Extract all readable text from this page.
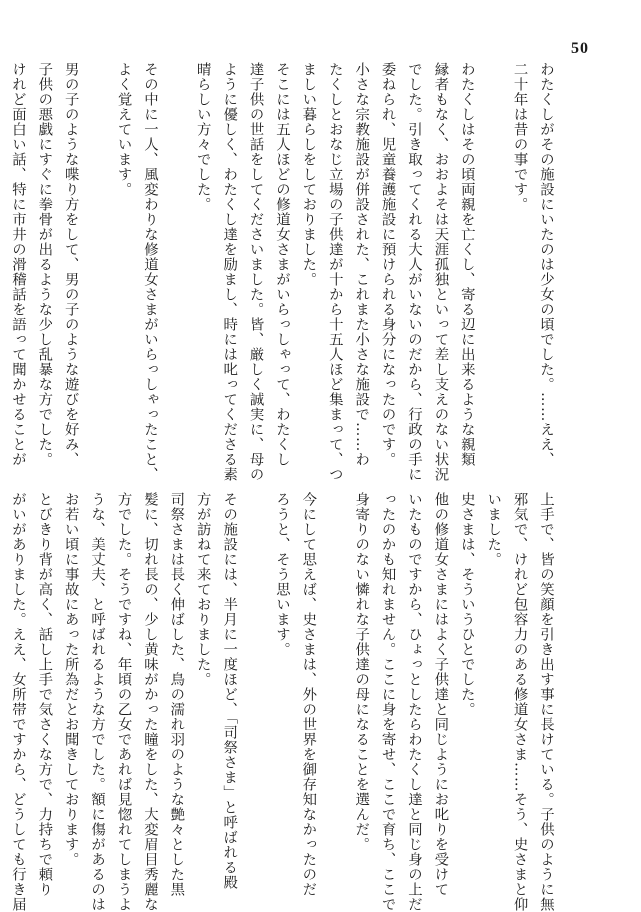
50
わたくしがその施設にいたのは少女の頃でした。……ええ、
二十年は昔の事です。
わたくしはその頃両親を亡くし、寄る辺に出来るような親類
縁者もなく、おおよそは天涯孤独といって差し支えのない状況
でした。引き取ってくれる大人がいないのだから、行政の手に
委ねられ、児童養護施設に預けられる身分になったのです。
小さな宗教施設が併設された、これまた小さな施設で……わ
たくしとおなじ立場の子供達が十から十五人ほど集まって、つ
ましい暮らしをしておりました。
そこには五人ほどの修道女さまがいらっしゃって、わたくし
達子供の世話をしてくださいました。皆、厳しく誠実に、母の
ように優しく、わたくし達を励まし、時には叱ってくださる素
晴らしい方々でした。
その中に一人、風変わりな修道女さまがいらっしゃったこと、
よく覚えています。
男の子のような喋り方をして、男の子のような遊びを好み、
子供の悪戯にすぐに拳骨が出るような少し乱暴な方でした。
けれど面白い話、特に市井の滑稽話を語って聞かせることが
上手で、皆の笑顔を引き出す事に長けている。子供のように無
邪気で、けれど包容力のある修道女さま……そう、史さまと仰
いました。
史さまは、そういうひとでした。
他の修道女さまにはよく子供達と同じようにお叱りを受けて
いたものですから、ひょっとしたらわたくし達と同じ身の上だ
ったのかも知れません。ここに身を寄せ、ここで育ち、ここで
身寄りのない憐れな子供達の母になることを選んだ。
今にして思えば、史さまは、外の世界を御存知なかったのだ
ろうと、そう思います。
その施設には、半月に一度ほど、「司祭さま」と呼ばれる殿
方が訪ねて来ておりました。
司祭さまは長く伸ばした、鳥の濡れ羽のような艶々とした黒
髪に、切れ長の、少し黄味がかった瞳をした、大変眉目秀麗な
方でした。そうですね、年頃の乙女であれば見惚れてしまうよ
うな、美丈夫、と呼ばれるような方でした。額に傷があるのは
お若い頃に事故にあった所為だとお聞きしております。
とびきり背が高く、話し上手で気さくな方で、力持ちで頼り
がいがありました。ええ、女所帯ですから、どうしても行き届
